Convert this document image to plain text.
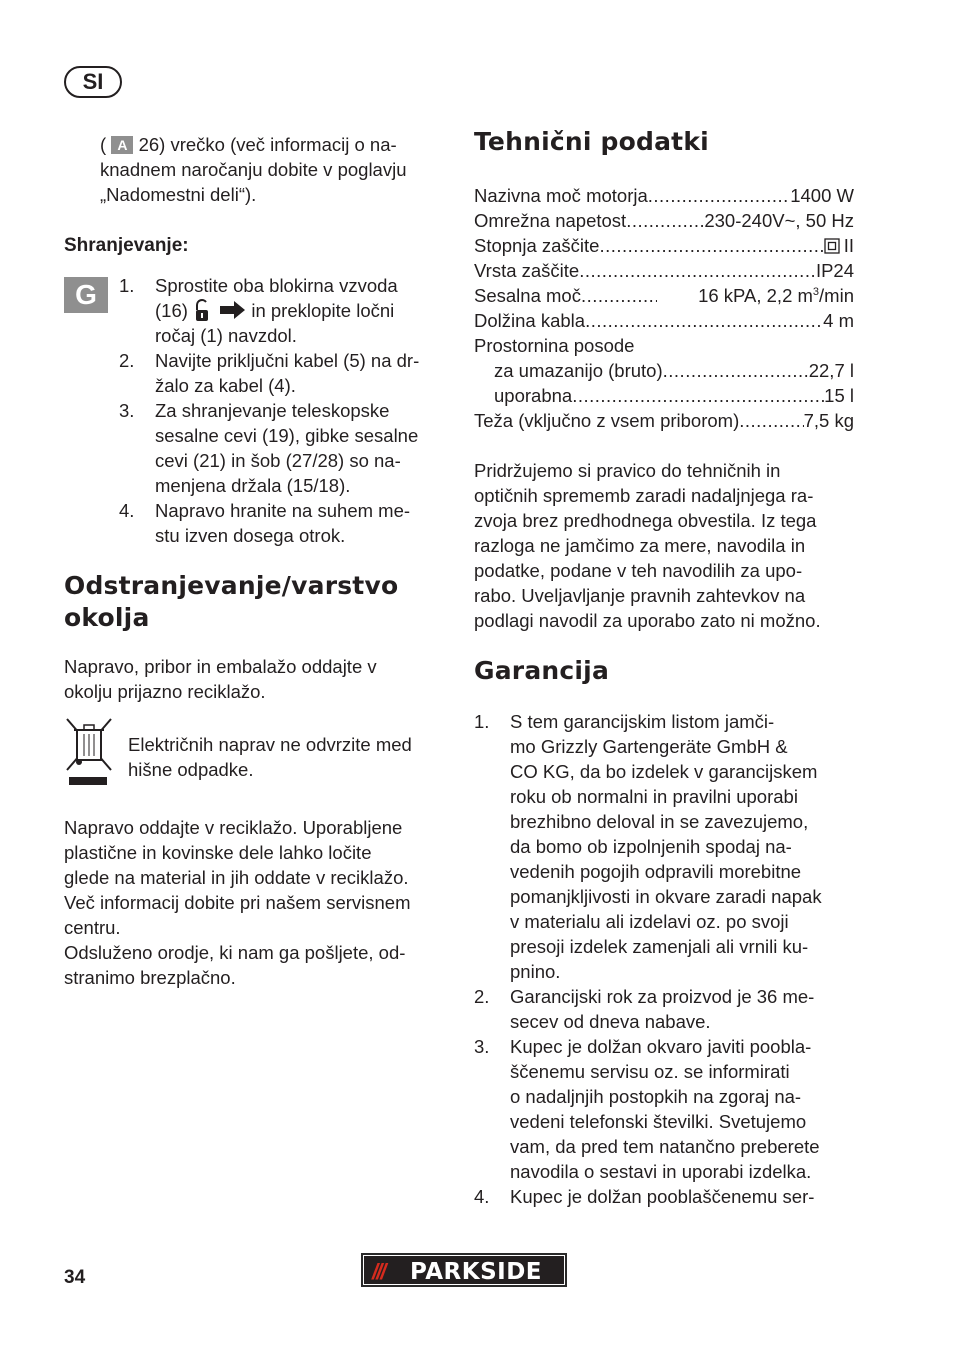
SI
( A 26) vrečko (več informacij o na-
knadnem naročanju dobite v poglavju
„Nadomestni deli“).
Shranjevanje:
G	1. Sprostite oba blokirna vzvoda
(16)	in preklopite ločni
ročaj (1) navzdol.
2. Navijte priključni kabel (5) na dr-
žalo za kabel (4).
3. Za shranjevanje teleskopske
sesalne cevi (19), gibke sesalne
cevi (21) in šob (27/28) so na-
menjena držala (15/18).
4. Napravo hranite na suhem me-
stu izven dosega otrok.
Odstranjevanje/varstvo
okolja
Napravo, pribor in embalažo oddajte v
okolju prijazno reciklažo.
Električnih naprav ne odvrzite med
hišne odpadke.
Napravo oddajte v reciklažo. Uporabljene
plastične in kovinske dele lahko ločite
glede na material in jih oddate v reciklažo.
Več informacij dobite pri našem servisnem
centru.
Odsluženo orodje, ki nam ga pošljete, od-
stranimo brezplačno.
Tehnični podatki
Nazivna moč motorja .....	1400 W
Omrežna napetost .....	230-240V~, 50 Hz
Stopnja zaščite .....	II
Vrsta zaščite .....	IP24
Sesalna moč .....	16 kPA, 2,2 $m^3/\min$
Dolžina kabla .....	4 m
Prostornina posode
za umazanijo (bruto) .....	22,7 l
uporabna .....	15 l
Teža (vključno z vsem priborom) .....	7,5 kg
Pridržujemo si pravico do tehničnih in
optičnih sprememb zaradi nadaljnjega ra-
zvoja brez predhodnega obvestila. Iz tega
razloga ne jamčimo za mere, navodila in
podatke, podane v teh navodilih za upo-
rabo. Uveljavljanje pravnih zahtevkov na
podlagi navodil za uporabo zato ni možno.
Garancija
1. S tem garancijskim listom jamči-
mo Grizzly Gartengeräte GmbH &
CO KG, da bo izdelek v garancijskem
roku ob normalni in pravilni uporabi
brezhibno deloval in se zavezujemo,
da bomo ob izpolnjenih spodaj na-
vedenih pogojih odpravili morebitne
pomanjkljivosti in okvare zaradi napak
v materialu ali izdelavi oz. po svoji
presoji izdelek zamenjali ali vrnili ku-
pnino.
2. Garancijski rok za proizvod je 36 me-
secev od dneva nabave.
3. Kupec je dolžan okvaro javiti poobla-
ščenemu servisu oz. se informirati
o nadaljnjih postopkih na zgoraj na-
vedeni telefonski številki. Svetujemo
vam, da pred tem natančno preberete
navodila o sestavi in uporabi izdelka.
4. Kupec je dolžan pooblaščenemu ser-
34	/// PARKSIDE
